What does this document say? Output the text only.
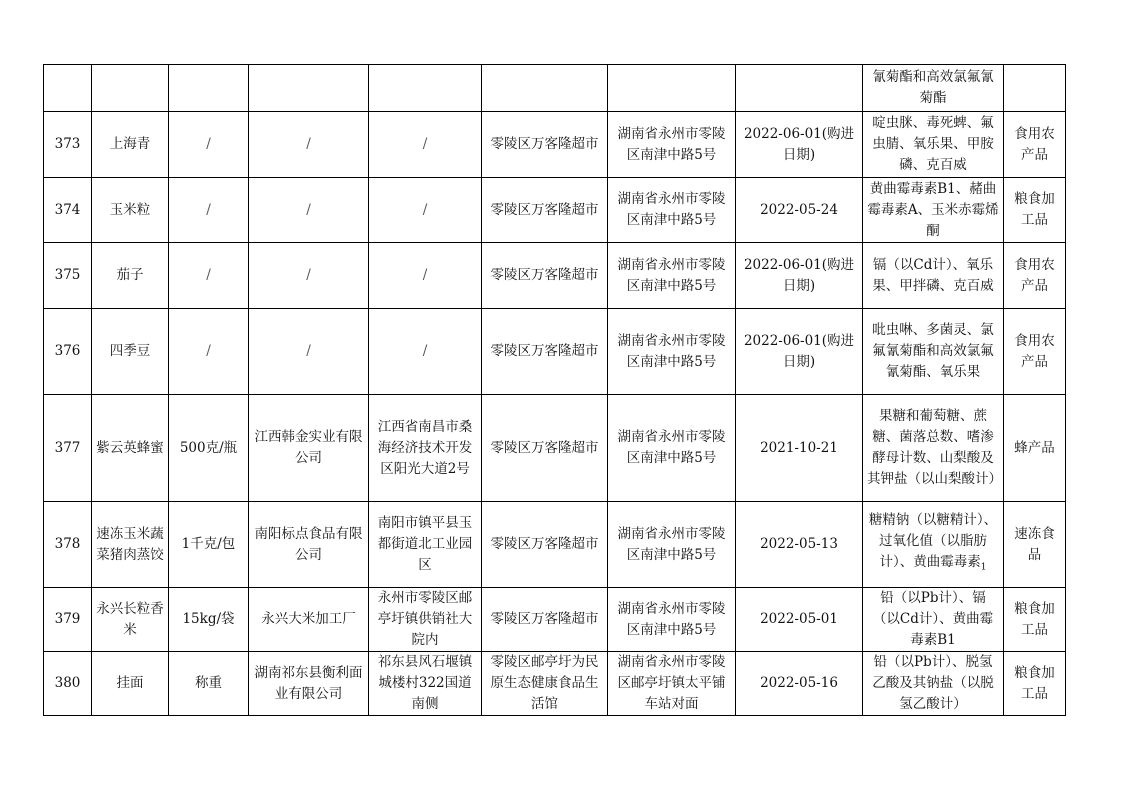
								氰菊酯和高效氯氟氰菊酯	
373	上海青	/	/	/	零陵区万客隆超市	湖南省永州市零陵区南津中路5号	2022-06-01(购进日期)	啶虫脒、毒死蜱、氟虫腈、氧乐果、甲胺磷、克百威	食用农产品
374	玉米粒	/	/	/	零陵区万客隆超市	湖南省永州市零陵区南津中路5号	2022-05-24	黄曲霉毒素B1、赭曲霉毒素A、玉米赤霉烯酮	粮食加工品
375	茄子	/	/	/	零陵区万客隆超市	湖南省永州市零陵区南津中路5号	2022-06-01(购进日期)	镉（以Cd计）、氧乐果、甲拌磷、克百威	食用农产品
376	四季豆	/	/	/	零陵区万客隆超市	湖南省永州市零陵区南津中路5号	2022-06-01(购进日期)	吡虫啉、多菌灵、氯氟氰菊酯和高效氯氟氰菊酯、氧乐果	食用农产品
377	紫云英蜂蜜	500克/瓶	江西韩金实业有限公司	江西省南昌市桑海经济技术开发区阳光大道2号	零陵区万客隆超市	湖南省永州市零陵区南津中路5号	2021-10-21	果糖和葡萄糖、蔗糖、菌落总数、嗜渗酵母计数、山梨酸及其钾盐（以山梨酸计）	蜂产品
378	速冻玉米蔬菜猪肉蒸饺	1千克/包	南阳标点食品有限公司	南阳市镇平县玉都街道北工业园区	零陵区万客隆超市	湖南省永州市零陵区南津中路5号	2022-05-13	糖精钠（以糖精计）、过氧化值（以脂肪计）、黄曲霉毒素$_1$	速冻食品
379	永兴长粒香米	15kg/袋	永兴大米加工厂	永州市零陵区邮亭圩镇供销社大院内	零陵区万客隆超市	湖南省永州市零陵区南津中路5号	2022-05-01	铅（以Pb计）、镉（以Cd计）、黄曲霉毒素B1	粮食加工品
380	挂面	称重	湖南祁东县衡利面业有限公司	祁东县风石堰镇城楼村322国道南侧	零陵区邮亭圩为民原生态健康食品生活馆	湖南省永州市零陵区邮亭圩镇太平铺车站对面	2022-05-16	铅（以Pb计）、脱氢乙酸及其钠盐（以脱氢乙酸计）	粮食加工品
